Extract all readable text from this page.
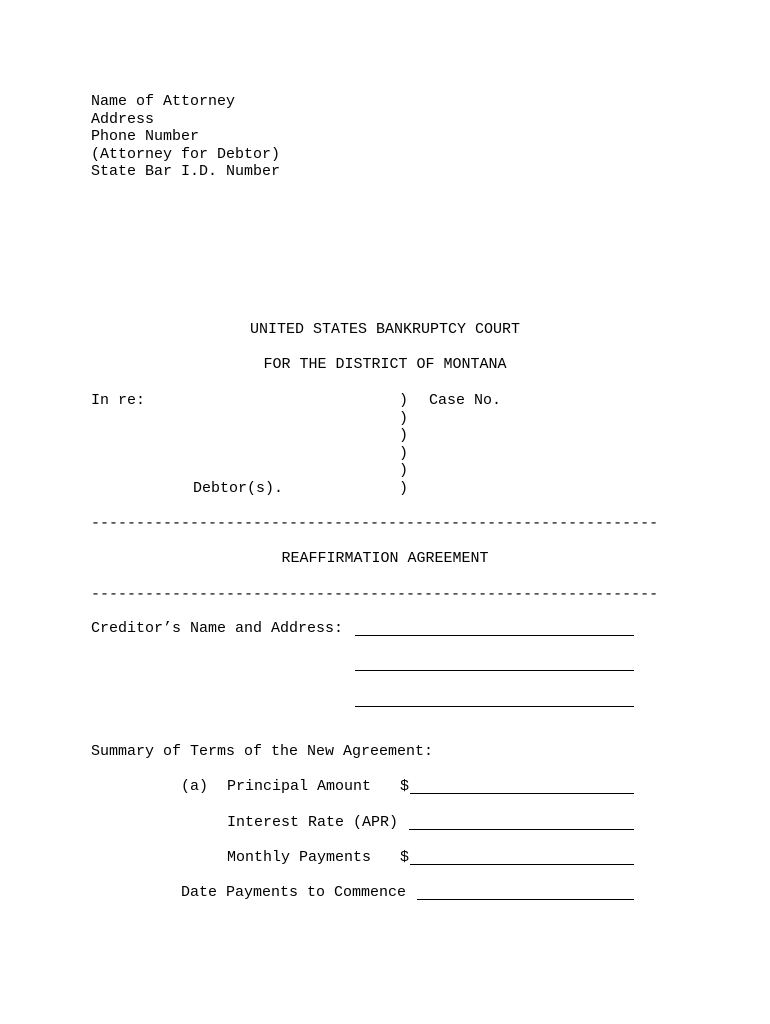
Name of Attorney
Address
Phone Number
(Attorney for Debtor)
State Bar I.D. Number
UNITED STATES BANKRUPTCY COURT
FOR THE DISTRICT OF MONTANA
In re:	) Case No.
)
)
)
)
Debtor(s).	)
---------------------------------------------------------------
REAFFIRMATION AGREEMENT
---------------------------------------------------------------
Creditor’s Name and Address:
Summary of Terms of the New Agreement:
(a) Principal Amount $
Interest Rate (APR)
Monthly Payments $
Date Payments to Commence
